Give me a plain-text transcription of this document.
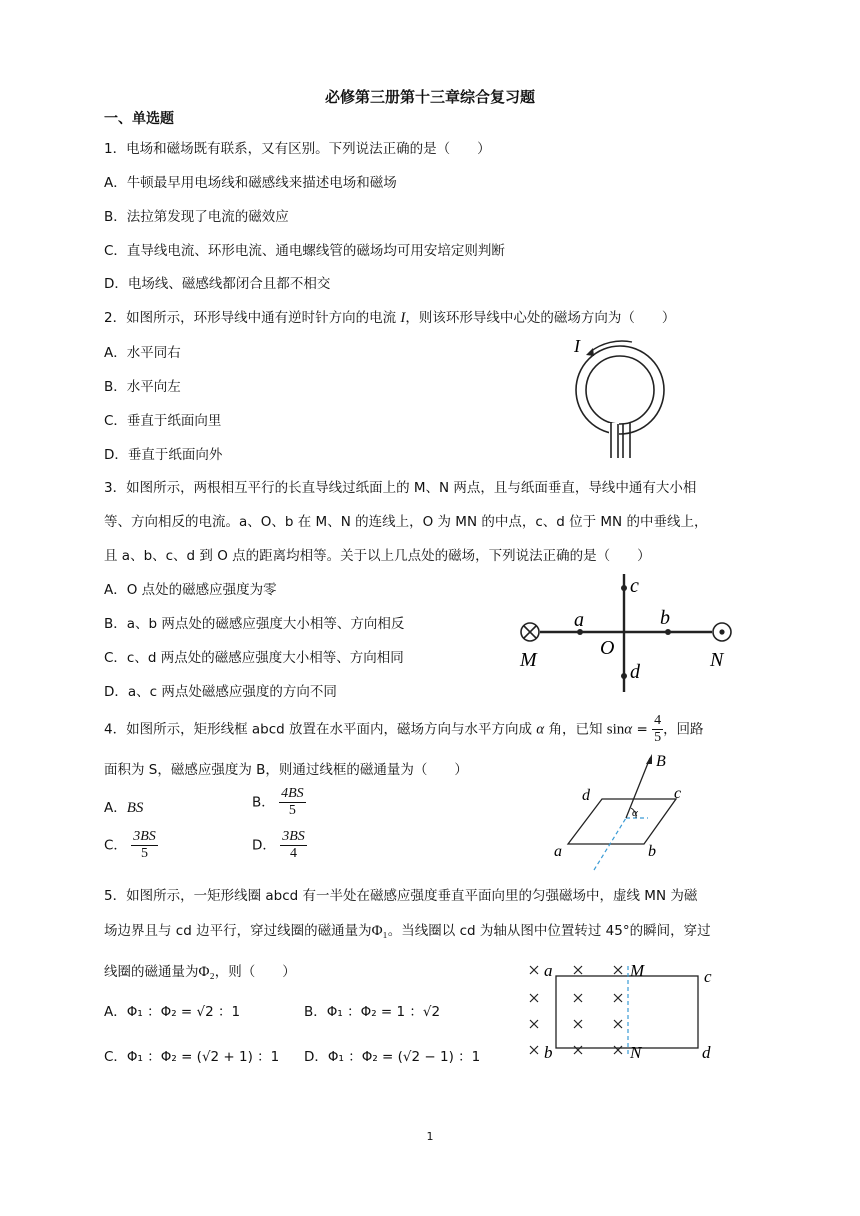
必修第三册第十三章综合复习题
一、单选题
1．电场和磁场既有联系，又有区别。下列说法正确的是（　　）
A．牛顿最早用电场线和磁感线来描述电场和磁场
B．法拉第发现了电流的磁效应
C．直导线电流、环形电流、通电螺线管的磁场均可用安培定则判断
D．电场线、磁感线都闭合且都不相交
2．如图所示，环形导线中通有逆时针方向的电流 I，则该环形导线中心处的磁场方向为（　　）
A．水平同右
B．水平向左
C．垂直于纸面向里
D．垂直于纸面向外
I
3．如图所示，两根相互平行的长直导线过纸面上的 M、N 两点，且与纸面垂直，导线中通有大小相
等、方向相反的电流。a、O、b 在 M、N 的连线上，O 为 MN 的中点，c、d 位于 MN 的中垂线上，
且 a、b、c、d 到 O 点的距离均相等。关于以上几点处的磁场，下列说法正确的是（　　）
A．O 点处的磁感应强度为零
B．a、b 两点处的磁感应强度大小相等、方向相反
C．c、d 两点处的磁感应强度大小相等、方向相同
D．a、c 两点处磁感应强度的方向不同
M	N
a	b
O
c
d
4．如图所示，矩形线框 abcd 放置在水平面内，磁场方向与水平方向成 α 角，已知 $\sin\alpha = \frac{4}{5}$ ，回路
面积为 S，磁感应强度为 B，则通过线框的磁通量为（　　）
A．BS	B． $\frac{4BS}{5}$
C． $\frac{3BS}{5}$	D． $\frac{3BS}{4}$
α
B
a	b
c
d
5．如图所示，一矩形线圈 abcd 有一半处在磁感应强度垂直平面向里的匀强磁场中，虚线 MN 为磁
场边界且与 cd 边平行，穿过线圈的磁通量为Φ₁。当线圈以 cd 为轴从图中位置转过 45°的瞬间，穿过
线圈的磁通量为Φ₂，则（　　）
A．Φ₁ ：Φ₂ = √2 ：1	B．Φ₁ ：Φ₂ = 1 ：√2
C．Φ₁ ：Φ₂ = (√2 + 1) ：1 D．Φ₁ ：Φ₂ = (√2 − 1) ：1
a
b
M
N
c
d
1
